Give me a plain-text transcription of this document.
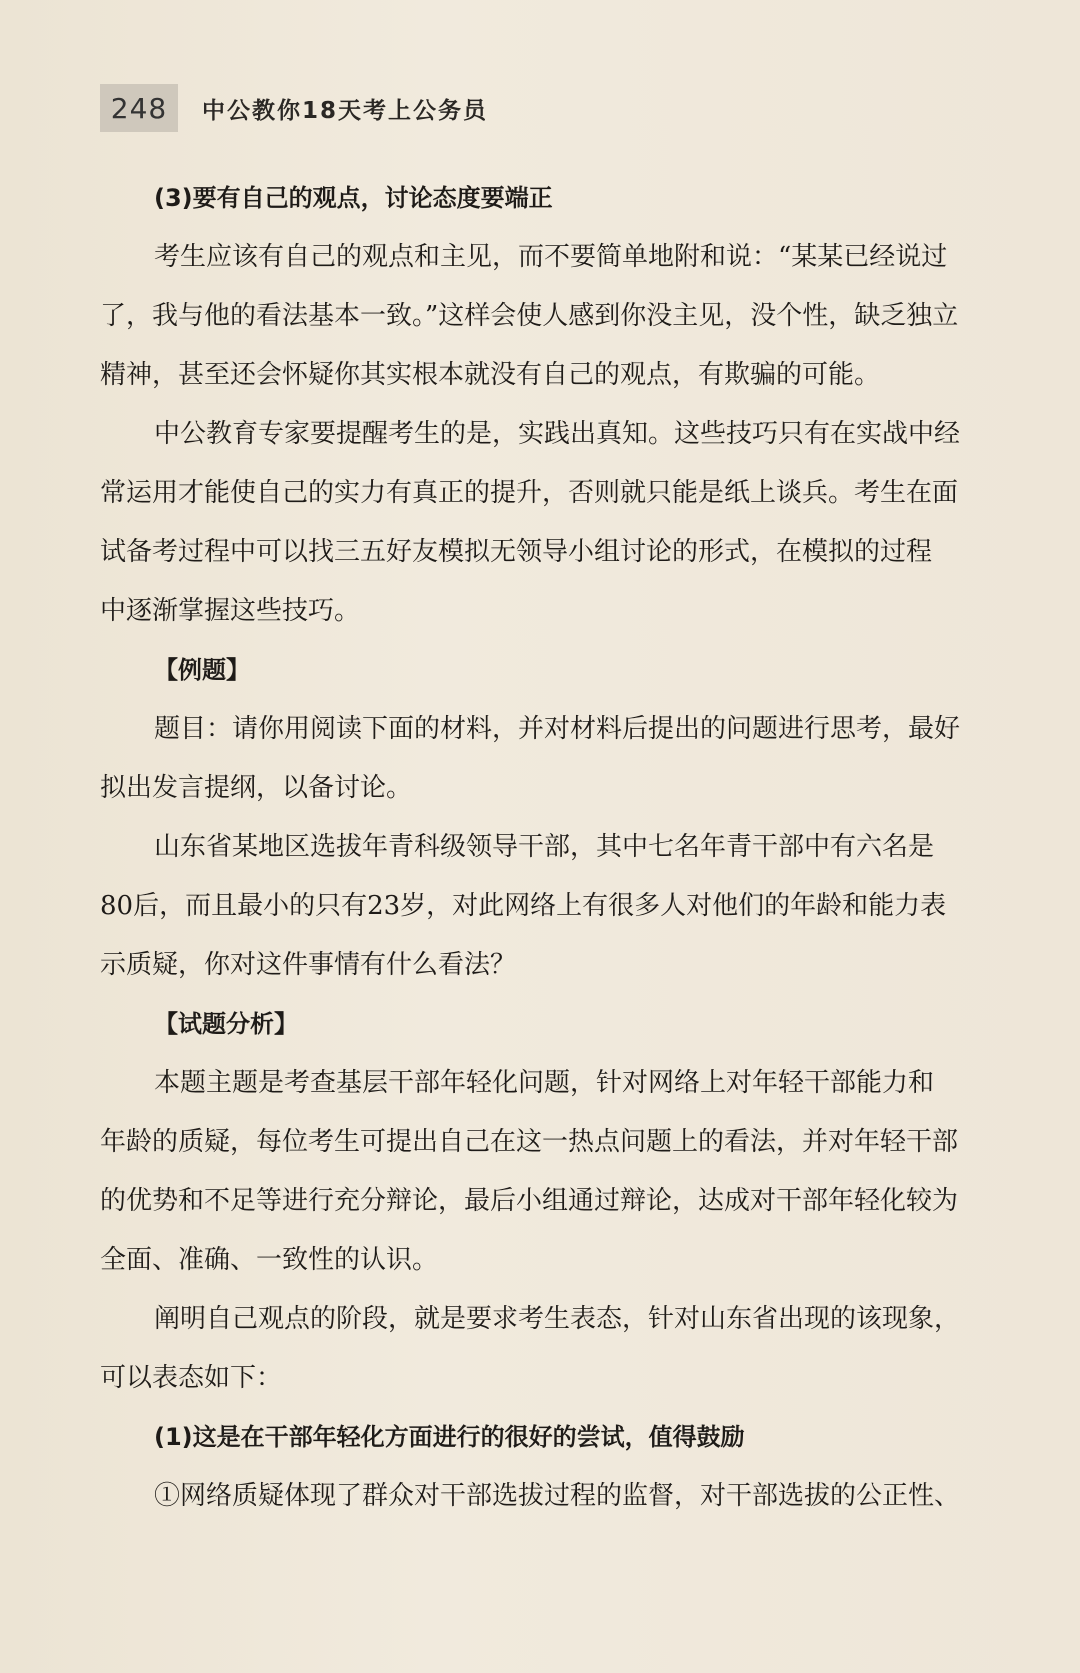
248	中公教你18天考上公务员
(3)要有自己的观点，讨论态度要端正
考生应该有自己的观点和主见，而不要简单地附和说：“某某已经说过
了，我与他的看法基本一致。”这样会使人感到你没主见，没个性，缺乏独立
精神，甚至还会怀疑你其实根本就没有自己的观点，有欺骗的可能。
中公教育专家要提醒考生的是，实践出真知。这些技巧只有在实战中经
常运用才能使自己的实力有真正的提升，否则就只能是纸上谈兵。考生在面
试备考过程中可以找三五好友模拟无领导小组讨论的形式，在模拟的过程
中逐渐掌握这些技巧。
【例题】
题目：请你用阅读下面的材料，并对材料后提出的问题进行思考，最好
拟出发言提纲，以备讨论。
山东省某地区选拔年青科级领导干部，其中七名年青干部中有六名是
80后，而且最小的只有23岁，对此网络上有很多人对他们的年龄和能力表
示质疑，你对这件事情有什么看法？
【试题分析】
本题主题是考查基层干部年轻化问题，针对网络上对年轻干部能力和
年龄的质疑，每位考生可提出自己在这一热点问题上的看法，并对年轻干部
的优势和不足等进行充分辩论，最后小组通过辩论，达成对干部年轻化较为
全面、准确、一致性的认识。
阐明自己观点的阶段，就是要求考生表态，针对山东省出现的该现象，
可以表态如下：
(1)这是在干部年轻化方面进行的很好的尝试，值得鼓励
①网络质疑体现了群众对干部选拔过程的监督，对干部选拔的公正性、
